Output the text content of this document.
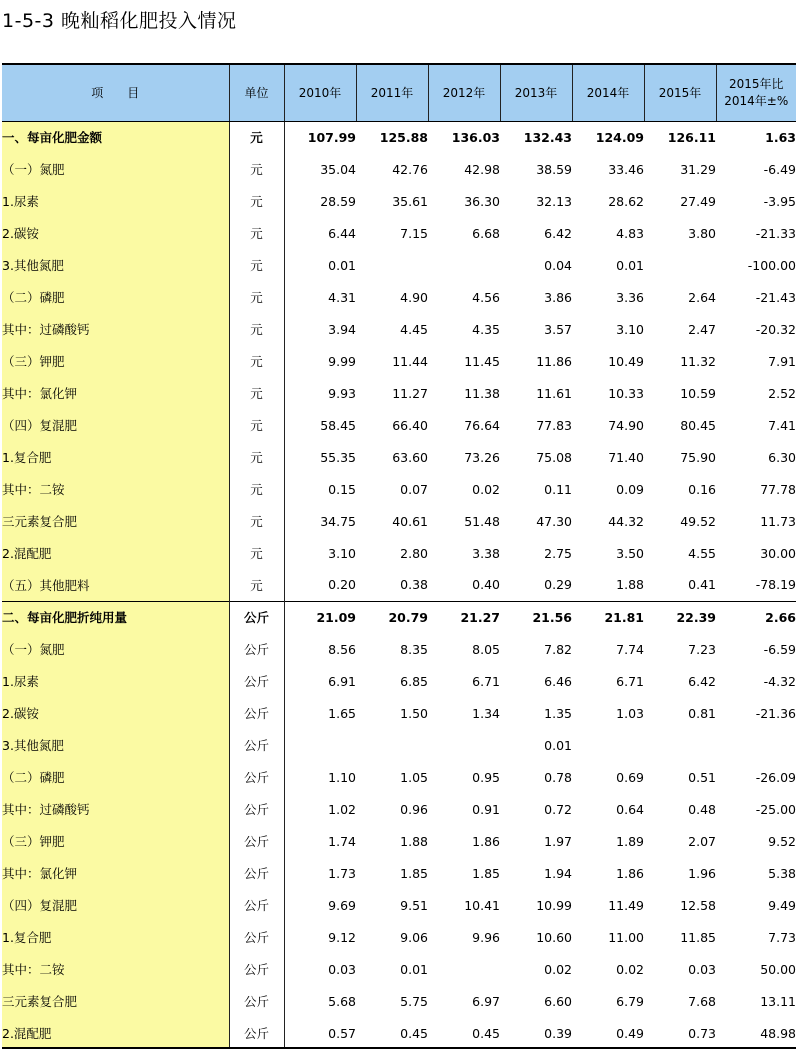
1-5-3 晚籼稻化肥投入情况
项　　目	单位	2010年	2011年	2012年	2013年	2014年	2015年	2015年比
2014年±%

一、每亩化肥金额	元	107.99	125.88	136.03	132.43	124.09	126.11	1.63
（一）氮肥	元	35.04	42.76	42.98	38.59	33.46	31.29	-6.49
1.尿素	元	28.59	35.61	36.30	32.13	28.62	27.49	-3.95
2.碳铵	元	6.44	7.15	6.68	6.42	4.83	3.80	-21.33
3.其他氮肥	元	0.01			0.04	0.01		-100.00
（二）磷肥	元	4.31	4.90	4.56	3.86	3.36	2.64	-21.43
其中：过磷酸钙	元	3.94	4.45	4.35	3.57	3.10	2.47	-20.32
（三）钾肥	元	9.99	11.44	11.45	11.86	10.49	11.32	7.91
其中：氯化钾	元	9.93	11.27	11.38	11.61	10.33	10.59	2.52
（四）复混肥	元	58.45	66.40	76.64	77.83	74.90	80.45	7.41
1.复合肥	元	55.35	63.60	73.26	75.08	71.40	75.90	6.30
其中：二铵	元	0.15	0.07	0.02	0.11	0.09	0.16	77.78
三元素复合肥	元	34.75	40.61	51.48	47.30	44.32	49.52	11.73
2.混配肥	元	3.10	2.80	3.38	2.75	3.50	4.55	30.00
（五）其他肥料	元	0.20	0.38	0.40	0.29	1.88	0.41	-78.19
二、每亩化肥折纯用量	公斤	21.09	20.79	21.27	21.56	21.81	22.39	2.66
（一）氮肥	公斤	8.56	8.35	8.05	7.82	7.74	7.23	-6.59
1.尿素	公斤	6.91	6.85	6.71	6.46	6.71	6.42	-4.32
2.碳铵	公斤	1.65	1.50	1.34	1.35	1.03	0.81	-21.36
3.其他氮肥	公斤				0.01			
（二）磷肥	公斤	1.10	1.05	0.95	0.78	0.69	0.51	-26.09
其中：过磷酸钙	公斤	1.02	0.96	0.91	0.72	0.64	0.48	-25.00
（三）钾肥	公斤	1.74	1.88	1.86	1.97	1.89	2.07	9.52
其中：氯化钾	公斤	1.73	1.85	1.85	1.94	1.86	1.96	5.38
（四）复混肥	公斤	9.69	9.51	10.41	10.99	11.49	12.58	9.49
1.复合肥	公斤	9.12	9.06	9.96	10.60	11.00	11.85	7.73
其中：二铵	公斤	0.03	0.01		0.02	0.02	0.03	50.00
三元素复合肥	公斤	5.68	5.75	6.97	6.60	6.79	7.68	13.11
2.混配肥	公斤	0.57	0.45	0.45	0.39	0.49	0.73	48.98
